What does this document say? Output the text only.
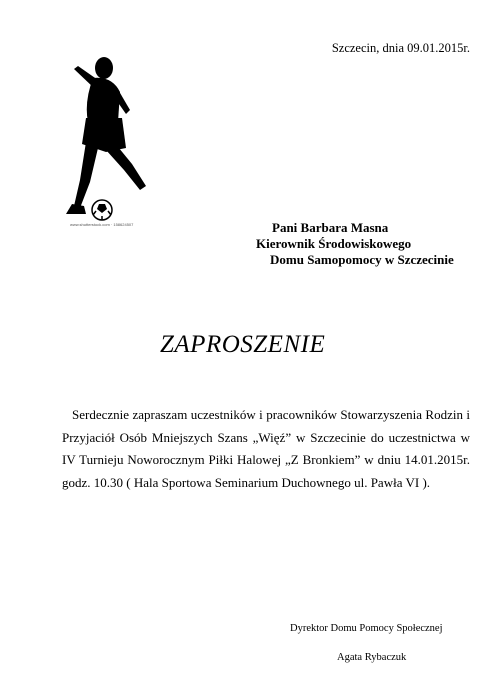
Szczecin, dnia 09.01.2015r.
www.shutterstock.com · 158624507	Pani Barbara Masna
Kierownik Środowiskowego
Domu Samopomocy w Szczecinie
ZAPROSZENIE
Serdecznie zapraszam uczestników i pracowników Stowarzyszenia Rodzin i Przyjaciół Osób Mniejszych Szans „Więź” w Szczecinie do uczestnictwa w IV Turnieju Noworocznym Piłki Halowej „Z Bronkiem” w dniu 14.01.2015r. godz. 10.30 ( Hala Sportowa Seminarium Duchownego ul. Pawła VI ).
Dyrektor Domu Pomocy Społecznej
Agata Rybaczuk
